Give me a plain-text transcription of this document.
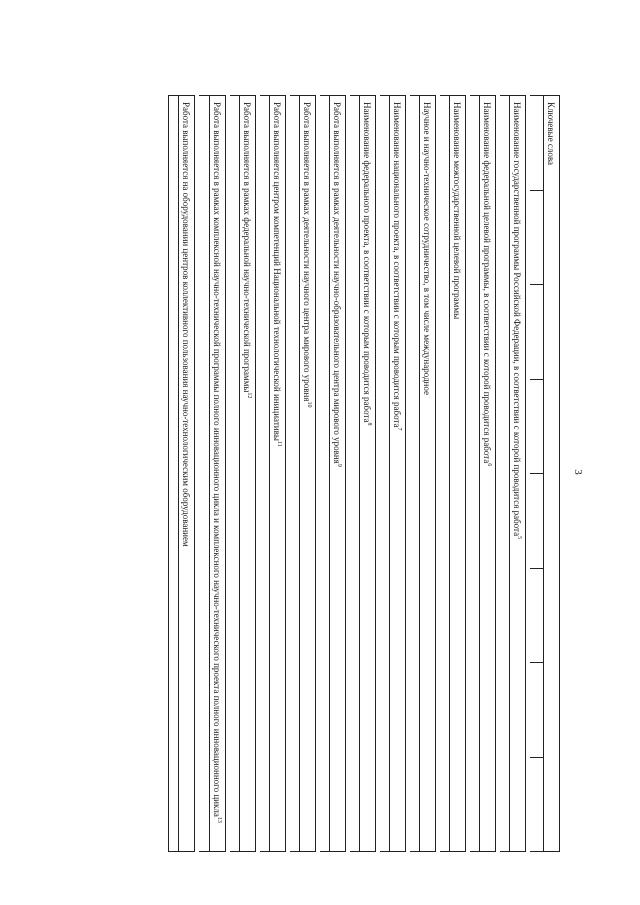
3
Ключевые слова
Наименование государственной программы Российской Федерации, в соответствии с которой проводится работа$^5$
Наименование федеральной целевой программы, в соответствии с которой проводится работа$^6$
Наименование межгосударственной целевой программы
Научное и научно-техническое сотрудничество, в том числе международное
Наименование национального проекта, в соответствии с которым проводится работа$^7$
Наименование федерального проекта, в соответствии с которым проводится работа$^8$
Работа выполняется в рамках деятельности научно-образовательного центра мирового уровня$^9$
Работа выполняется в рамках деятельности научного центра мирового уровня$^{10}$
Работа выполняется центром компетенций Национальной технологической инициативы$^{11}$
Работа выполняется в рамках федеральной научно-технической программы$^{12}$
Работа выполняется в рамках комплексной научно-технической программы полного инновационного цикла и комплексного научно-технического проекта полного инновационного цикла$^{13}$
Работа выполняется на оборудовании центров коллективного пользования научно-технологическим оборудованием
